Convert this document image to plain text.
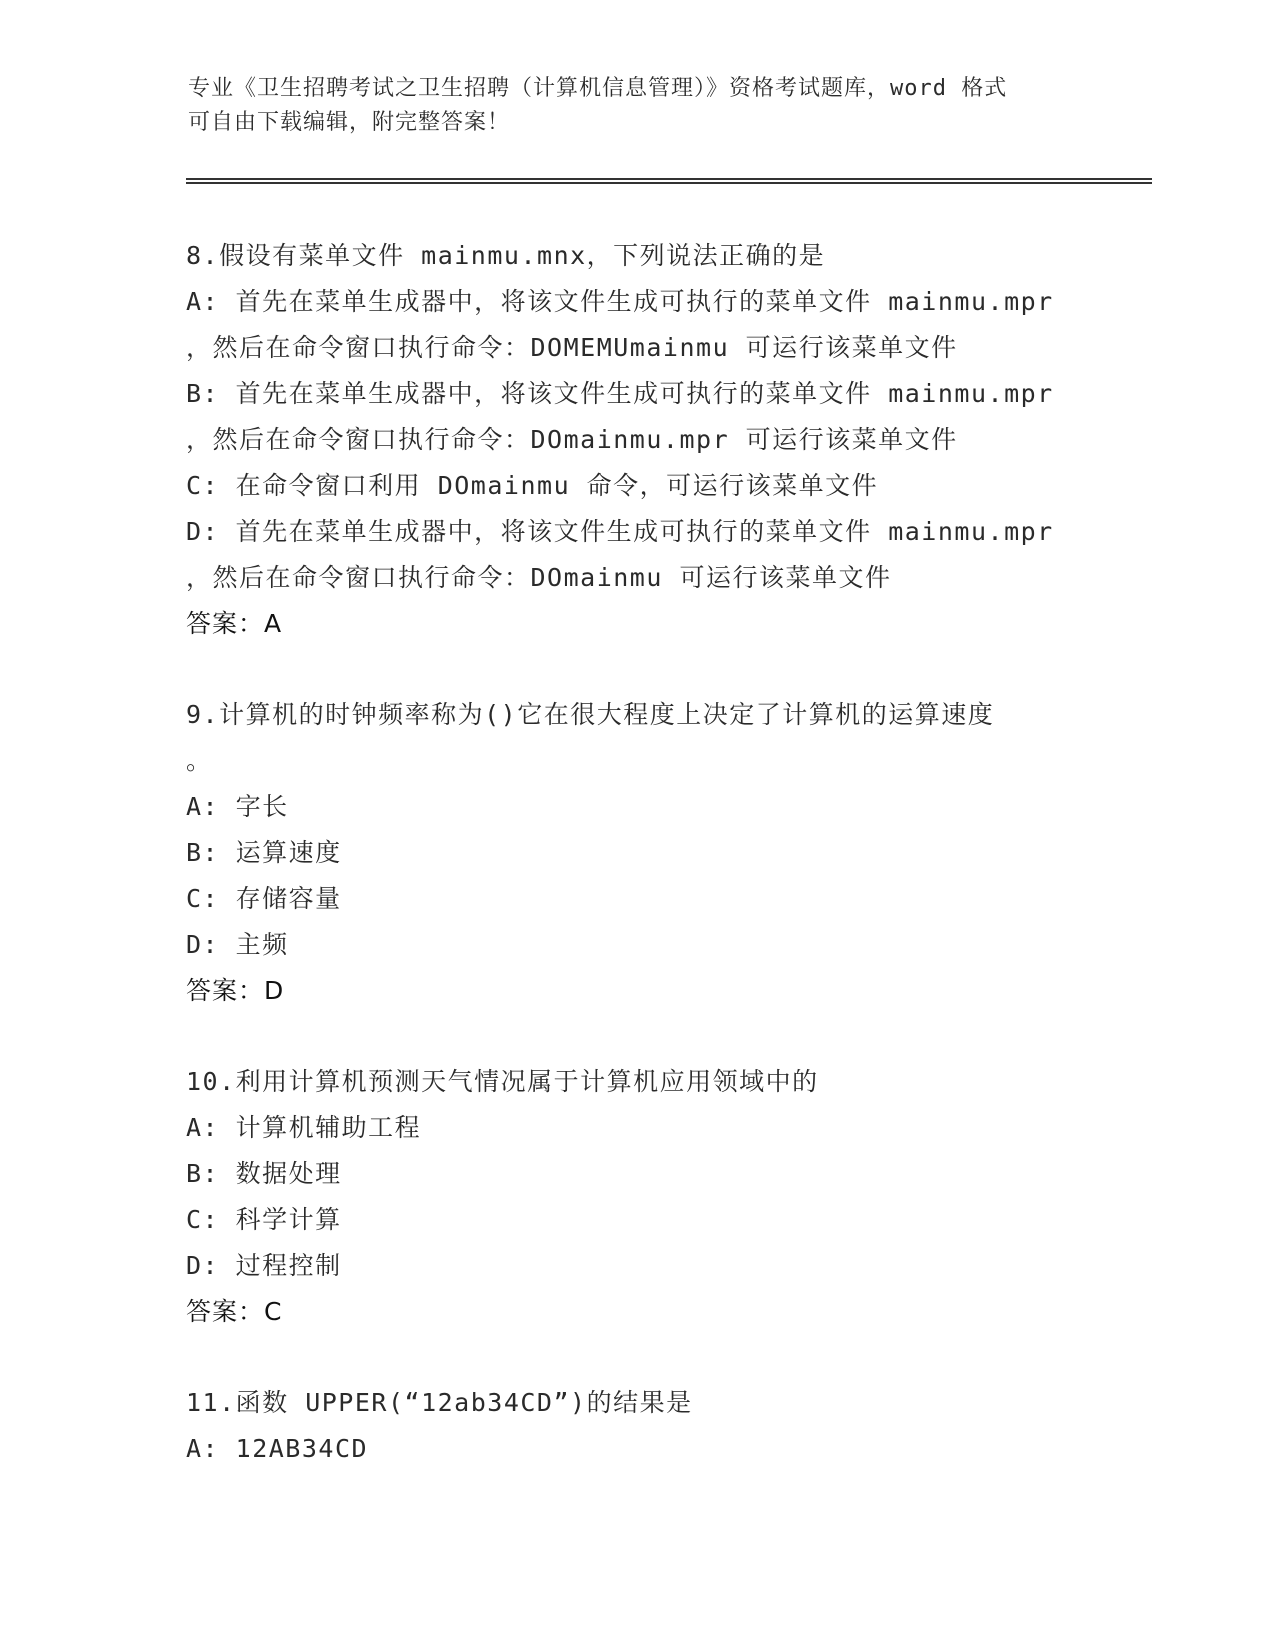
专业《卫生招聘考试之卫生招聘（计算机信息管理）》资格考试题库，word 格式
可自由下载编辑，附完整答案！
8.假设有菜单文件 mainmu.mnx，下列说法正确的是
A: 首先在菜单生成器中，将该文件生成可执行的菜单文件 mainmu.mpr
，然后在命令窗口执行命令：DOMEMUmainmu 可运行该菜单文件
B: 首先在菜单生成器中，将该文件生成可执行的菜单文件 mainmu.mpr
，然后在命令窗口执行命令：DOmainmu.mpr 可运行该菜单文件
C: 在命令窗口利用 DOmainmu 命令，可运行该菜单文件
D: 首先在菜单生成器中，将该文件生成可执行的菜单文件 mainmu.mpr
，然后在命令窗口执行命令：DOmainmu 可运行该菜单文件
答案：A
9.计算机的时钟频率称为()它在很大程度上决定了计算机的运算速度
。
A: 字长
B: 运算速度
C: 存储容量
D: 主频
答案：D
10.利用计算机预测天气情况属于计算机应用领域中的
A: 计算机辅助工程
B: 数据处理
C: 科学计算
D: 过程控制
答案：C
11.函数 UPPER(“12ab34CD”)的结果是
A: 12AB34CD
